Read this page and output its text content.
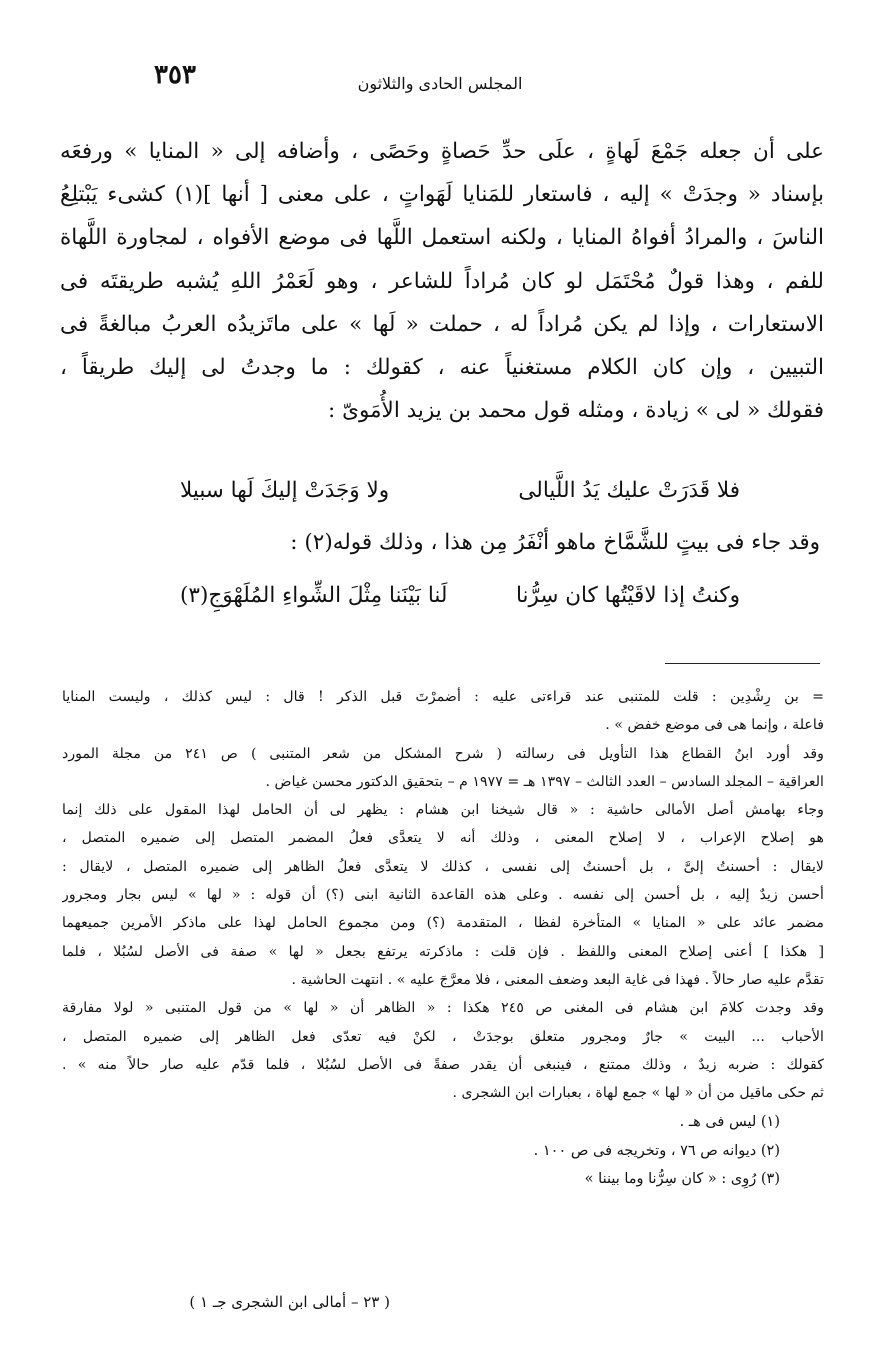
٣٥٣	المجلس الحادى والثلاثون
على أن جعله جَمْعَ لَهاةٍ ، علَى حدِّ حَصاةٍ وحَصًى ، وأضافه إلى « المنايا » ورفعَه
بإسناد « وجدَتْ » إليه ، فاستعار للمَنايا لَهَواتٍ ، على معنى [ أنها ](١) كشىء يَبْتلِعُ
الناسَ ، والمرادُ أفواهُ المنايا ، ولكنه استعمل اللَّها فى موضع الأفواه ، لمجاورة اللَّهاة
للفم ، وهذا قولٌ مُحْتَمَل لو كان مُراداً للشاعر ، وهو لَعَمْرُ اللهِ يُشبه طريقتَه فى
الاستعارات ، وإذا لم يكن مُراداً له ، حملت « لَها » على ماتَزيدُه العربُ مبالغةً فى
التبيين ، وإن كان الكلام مستغنياً عنه ، كقولك : ما وجدتُ لى إليك طريقاً ،
فقولك « لى » زيادة ، ومثله قول محمد بن يزيد الأُمَوىّ :
فلا قَدَرَتْ عليك يَدُ اللَّيالى
ولا وَجَدَتْ إليكَ لَها سبيلا
وقد جاء فى بيتٍ للشَّمَّاخ ماهو أنْفَرُ مِن هذا ، وذلك قوله(٢) :
وكنتُ إذا لاقَيْتُها كان سِرُّنا
لَنا بَيْنَنا مِثْلَ الشِّواءِ المُلَهْوَجِ(٣)
= بن رِشْدِين : قلت للمتنبى عند قراءتى عليه : أضمرْتَ قبل الذكر ! قال : ليس كذلك ، وليست المنايا
فاعلة ، وإنما هى فى موضع خفض » .
وقد أورد ابنُ القطاع هذا التأويل فى رسالته ( شرح المشكل من شعر المتنبى ) ص ٢٤١ من مجلة المورد
العراقية – المجلد السادس – العدد الثالث – ١٣٩٧ هـ = ١٩٧٧ م – بتحقيق الدكتور محسن غياض .
وجاء بهامش أصل الأمالى حاشية : « قال شيخنا ابن هشام : يظهر لى أن الحامل لهذا المقول على ذلك إنما
هو إصلاح الإعراب ، لا إصلاح المعنى ، وذلك أنه لا يتعدَّى فعلُ المضمر المتصل إلى ضميره المتصل ،
لايقال : أحسنتُ إلىَّ ، بل أحسنتُ إلى نفسى ، كذلك لا يتعدَّى فعلُ الظاهر إلى ضميره المتصل ، لايقال :
أحسن زيدٌ إليه ، بل أحسن إلى نفسه . وعلى هذه القاعدة الثانية ابنى (؟) أن قوله : « لها » ليس بجار ومجرور
مضمر عائد على « المنايا » المتأخرة لفظا ، المتقدمة (؟) ومن مجموع الحامل لهذا على ماذكر الأمرين جميعهما
[ هكذا ] أعنى إصلاح المعنى واللفظ . فإن قلت : ماذكرته يرتفع بجعل « لها » صفة فى الأصل لسُبُلا ، فلما
تقدَّم عليه صار حالاً . فهذا فى غاية البعد وضعف المعنى ، فلا معرَّجَ عليه » . انتهت الحاشية .
وقد وجدت كلامَ ابن هشام فى المغنى ص ٢٤٥ هكذا : « الظاهر أن « لها » من قول المتنبى « لولا مفارقة
الأحباب ... البيت » جارٌ ومجرور متعلق بوجدَتْ ، لكنْ فيه تعدّى فعل الظاهر إلى ضميره المتصل ،
كقولك : ضربه زيدٌ ، وذلك ممتنع ، فينبغى أن يقدر صفةً فى الأصل لسُبُلا ، فلما قدّم عليه صار حالاً منه » .
ثم حكى ماقيل من أن « لها » جمع لهاة ، بعبارات ابن الشجرى .
(١) ليس فى هـ .
(٢) ديوانه ص ٧٦ ، وتخريجه فى ص ١٠٠ .
(٣) رُوِى : « كان سِرُّنا وما بيننا »
( ٢٣ – أمالى ابن الشجرى جـ ١ )
